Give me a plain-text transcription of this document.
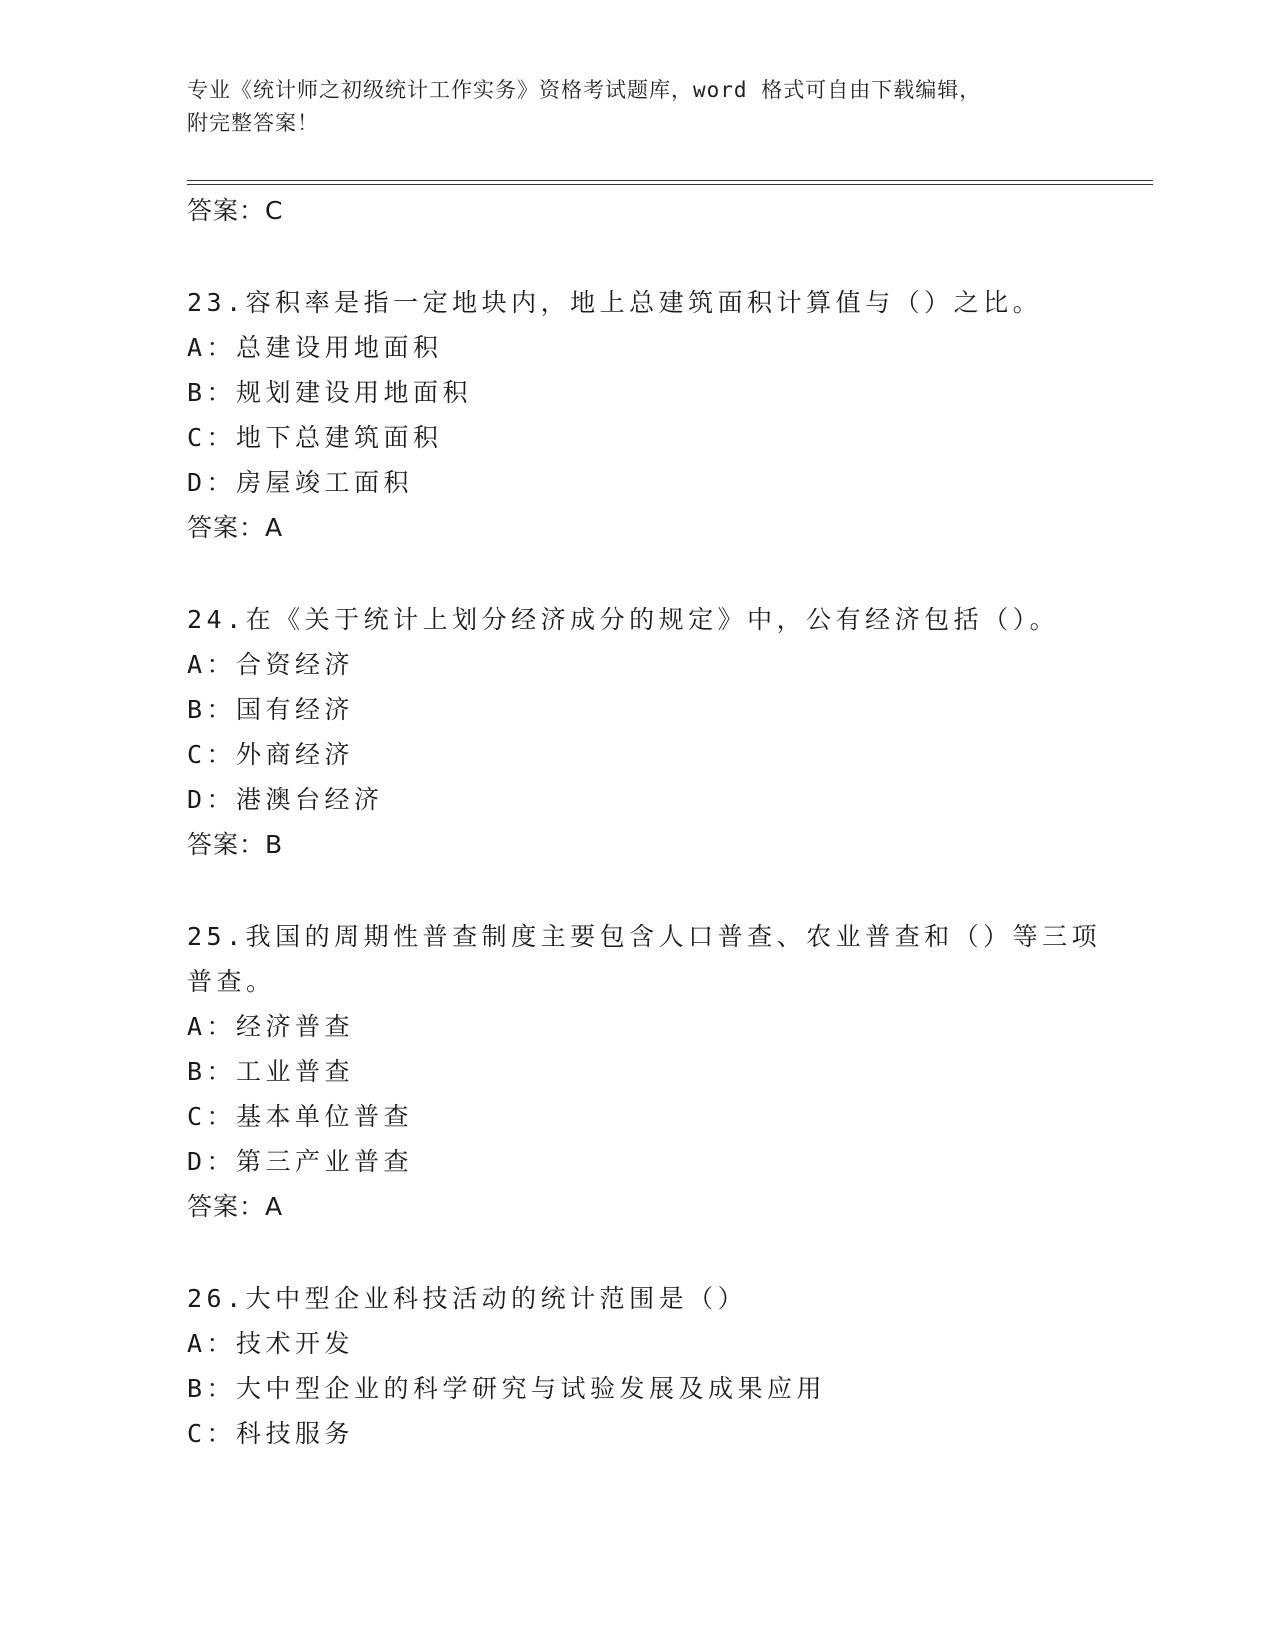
专业《统计师之初级统计工作实务》资格考试题库，word 格式可自由下载编辑，
附完整答案！
答案：C
23.容积率是指一定地块内，地上总建筑面积计算值与（）之比。
A：总建设用地面积
B：规划建设用地面积
C：地下总建筑面积
D：房屋竣工面积
答案：A
24.在《关于统计上划分经济成分的规定》中，公有经济包括（）。
A：合资经济
B：国有经济
C：外商经济
D：港澳台经济
答案：B
25.我国的周期性普查制度主要包含人口普查、农业普查和（）等三项
普查。
A：经济普查
B：工业普查
C：基本单位普查
D：第三产业普查
答案：A
26.大中型企业科技活动的统计范围是（）
A：技术开发
B：大中型企业的科学研究与试验发展及成果应用
C：科技服务
